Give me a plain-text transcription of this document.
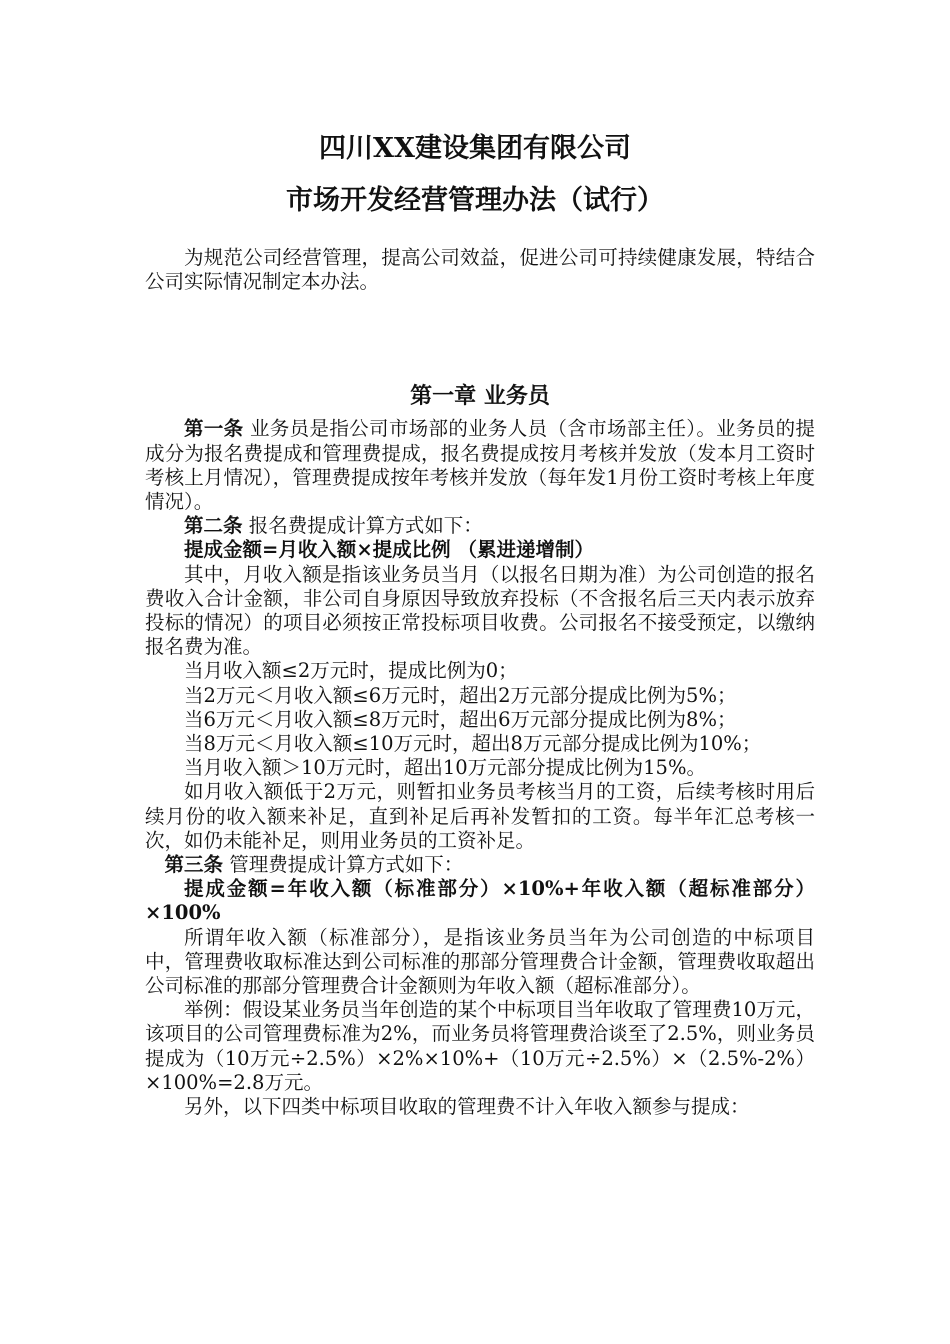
四川XX建设集团有限公司
市场开发经营管理办法（试行）

为规范公司经营管理，提高公司效益，促进公司可持续健康发展，特结合公司实际情况制定本办法。

第一章 业务员

第一条 业务员是指公司市场部的业务人员（含市场部主任）。业务员的提成分为报名费提成和管理费提成，报名费提成按月考核并发放（发本月工资时考核上月情况），管理费提成按年考核并发放（每年发1月份工资时考核上年度情况）。

第二条 报名费提成计算方式如下：

提成金额=月收入额×提成比例 （累进递增制）

其中，月收入额是指该业务员当月（以报名日期为准）为公司创造的报名费收入合计金额，非公司自身原因导致放弃投标（不含报名后三天内表示放弃投标的情况）的项目必须按正常投标项目收费。公司报名不接受预定，以缴纳报名费为准。

当月收入额≤2万元时，提成比例为0；

当2万元＜月收入额≤6万元时，超出2万元部分提成比例为5%；

当6万元＜月收入额≤8万元时，超出6万元部分提成比例为8%；

当8万元＜月收入额≤10万元时，超出8万元部分提成比例为10%；

当月收入额＞10万元时，超出10万元部分提成比例为15%。

如月收入额低于2万元，则暂扣业务员考核当月的工资，后续考核时用后续月份的收入额来补足，直到补足后再补发暂扣的工资。每半年汇总考核一次，如仍未能补足，则用业务员的工资补足。

第三条 管理费提成计算方式如下：

提成金额=年收入额（标准部分）×10%+年收入额（超标准部分）×100%

所谓年收入额（标准部分），是指该业务员当年为公司创造的中标项目中，管理费收取标准达到公司标准的那部分管理费合计金额，管理费收取超出公司标准的那部分管理费合计金额则为年收入额（超标准部分）。

举例：假设某业务员当年创造的某个中标项目当年收取了管理费10万元，该项目的公司管理费标准为2%，而业务员将管理费洽谈至了2.5%，则业务员提成为（10万元÷2.5%）×2%×10%+（10万元÷2.5%）×（2.5%-2%）×100%=2.8万元。

另外，以下四类中标项目收取的管理费不计入年收入额参与提成：
